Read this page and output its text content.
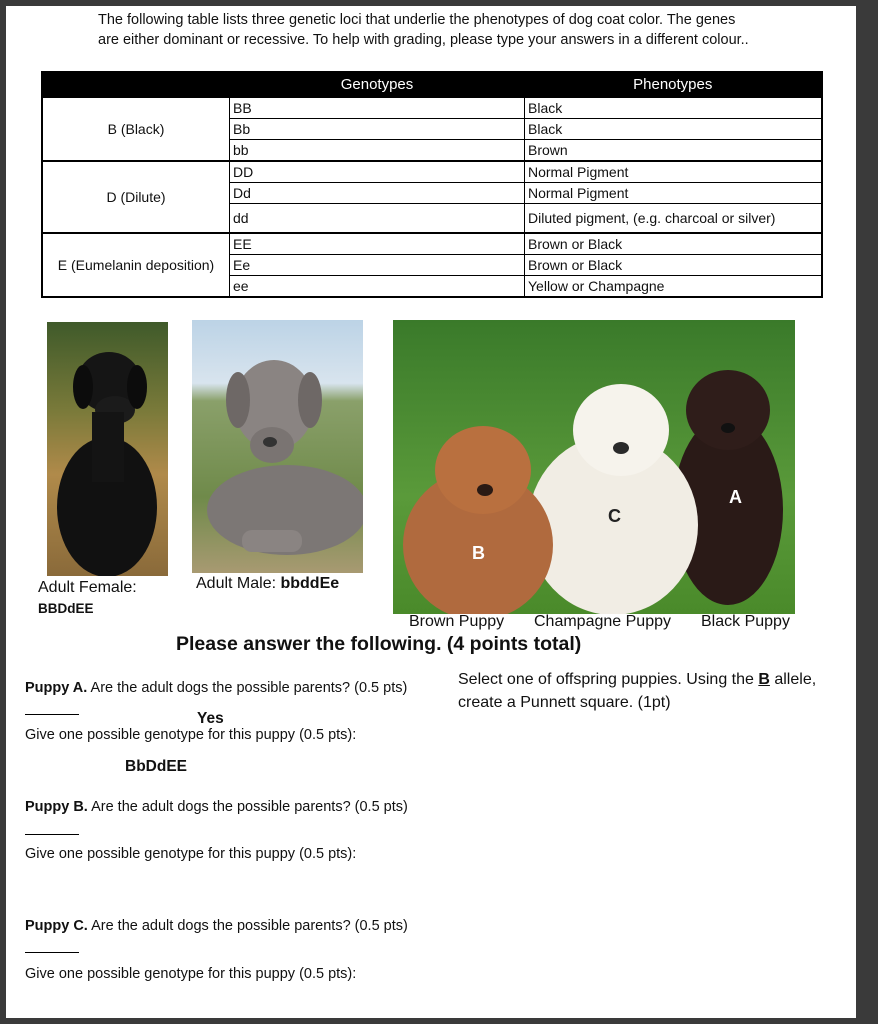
The following table lists three genetic loci that underlie the phenotypes of dog coat color. The genes are either dominant or recessive. To help with grading, please type your answers in a different colour..
	Genotypes	Phenotypes
B (Black)	BB	Black
	Bb	Black
	bb	Brown
D (Dilute)	DD	Normal Pigment
	Dd	Normal Pigment
	dd	Diluted pigment, (e.g. charcoal or silver)
E (Eumelanin deposition)	EE	Brown or Black
	Ee	Brown or Black
	ee	Yellow or Champagne
A
B
C
Adult Female:
BBDdEE
Adult Male: bbddEe
Brown Puppy Champagne Puppy Black Puppy
Please answer the following. (4 points total)
Puppy A. Are the adult dogs the possible parents? (0.5 pts)
Yes
Give one possible genotype for this puppy (0.5 pts):
BbDdEE
Puppy B. Are the adult dogs the possible parents? (0.5 pts)
Give one possible genotype for this puppy (0.5 pts):
Puppy C. Are the adult dogs the possible parents? (0.5 pts)
Give one possible genotype for this puppy (0.5 pts):
Select one of offspring puppies. Using the B allele, create a Punnett square. (1pt)
